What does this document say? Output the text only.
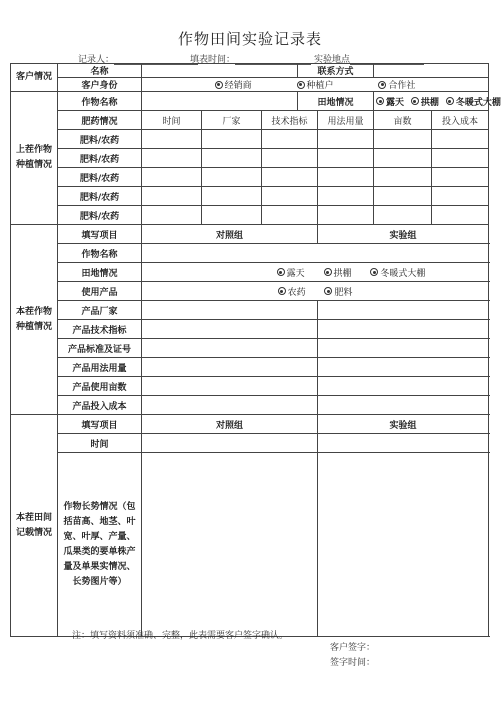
作物田间实验记录表
记录人：	填表时间：	实验地点
客户情况	名称				联系方式			
	客户身份	经销商 种植户 合作社						
上茬作物
种植情况	作物名称				田地情况		露天 拱棚 冬暖式大棚	
	肥药情况	时间	厂家	技术指标		用法用量	亩数	投入成本
	肥料/农药							
	肥料/农药							
	肥料/农药							
	肥料/农药							
	肥料/农药							
本茬作物
种植情况	填写项目	对照组				实验组		
	作物名称							
	田地情况	露天 拱棚 冬暖式大棚						
	使用产品	农药 肥料						
	产品厂家							
	产品技术指标							
	产品标准及证号							
	产品用法用量							
	产品使用亩数							
	产品投入成本							
本茬田间
记载情况	填写项目	对照组				实验组		
	时间							
	作物长势情况（包括苗高、地茎、叶宽、叶厚、产量、瓜果类的要单株产量及单果实情况、长势图片等）							
注：填写资料须准确、完整，此表需要客户签字确认。
客户签字：
签字时间：
